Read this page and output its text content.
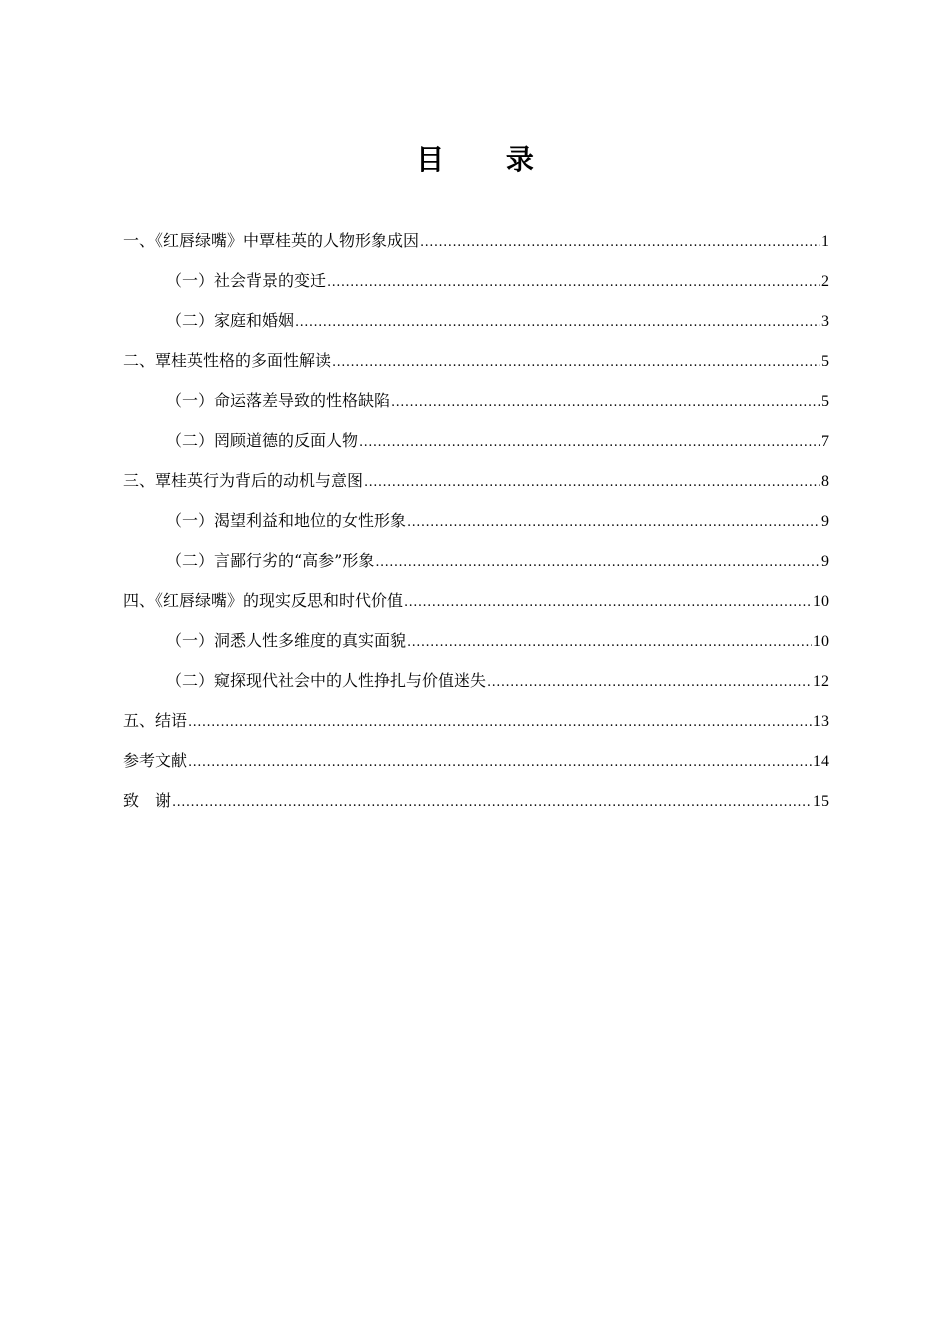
目 录
一、《红唇绿嘴》中覃桂英的人物形象成因 .....	1
（一）社会背景的变迁 .....	2
（二）家庭和婚姻 .....	3
二、覃桂英性格的多面性解读 .....	5
（一）命运落差导致的性格缺陷 .....	5
（二）罔顾道德的反面人物 .....	7
三、覃桂英行为背后的动机与意图 .....	8
（一）渴望利益和地位的女性形象 .....	9
（二）言鄙行劣的“高参”形象 .....	9
四、《红唇绿嘴》的现实反思和时代价值 .....	10
（一）洞悉人性多维度的真实面貌 .....	10
（二）窥探现代社会中的人性挣扎与价值迷失 .....	12
五、结语 .....	13
参考文献 .....	14
致　谢 .....	15
